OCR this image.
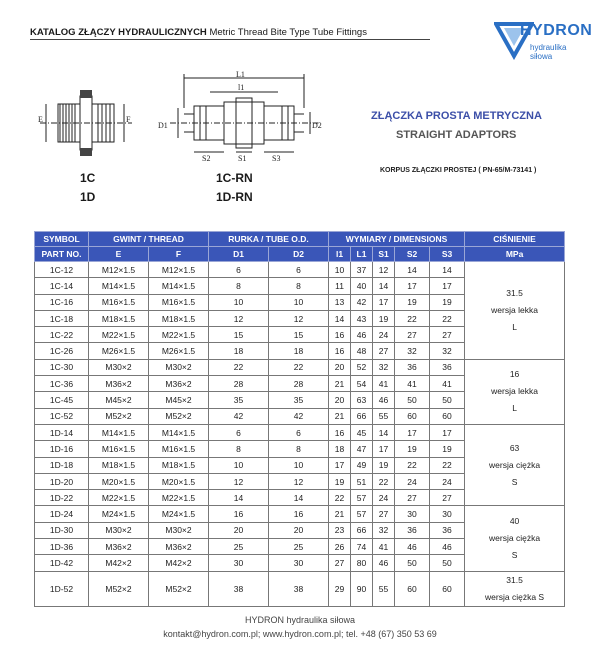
KATALOG ZŁĄCZY HYDRAULICZNYCH Metric Thread Bite Type Tube Fittings	HYDRON
hydraulika siłowa
E	F
L1
l1
D1	D2
S2	S1	S3
1C
1D
1C-RN
1D-RN
ZŁĄCZKA PROSTA METRYCZNA
STRAIGHT ADAPTORS
KORPUS ZŁĄCZKI PROSTEJ ( PN-65/M-73141 )
SYMBOL	GWINT / THREAD		RURKA / TUBE O.D.		WYMIARY / DIMENSIONS					CIŚNIENIE
PART NO.	E	F	D1	D2	l1	L1	S1	S2	S3	MPa
1C-12	M12×1.5	M12×1.5	6	6	10	37	12	14	14	31.5
wersja lekka
L

1C-14	M14×1.5	M14×1.5	8	8	11	40	14	17	17	
1C-16	M16×1.5	M16×1.5	10	10	13	42	17	19	19	
1C-18	M18×1.5	M18×1.5	12	12	14	43	19	22	22	
1C-22	M22×1.5	M22×1.5	15	15	16	46	24	27	27	
1C-26	M26×1.5	M26×1.5	18	18	16	48	27	32	32	
1C-30	M30×2	M30×2	22	22	20	52	32	36	36	16
wersja lekka
L

1C-36	M36×2	M36×2	28	28	21	54	41	41	41	
1C-45	M45×2	M45×2	35	35	20	63	46	50	50	
1C-52	M52×2	M52×2	42	42	21	66	55	60	60	
1D-14	M14×1.5	M14×1.5	6	6	16	45	14	17	17	63
wersja ciężka
S

1D-16	M16×1.5	M16×1.5	8	8	18	47	17	19	19	
1D-18	M18×1.5	M18×1.5	10	10	17	49	19	22	22	
1D-20	M20×1.5	M20×1.5	12	12	19	51	22	24	24	
1D-22	M22×1.5	M22×1.5	14	14	22	57	24	27	27	
1D-24	M24×1.5	M24×1.5	16	16	21	57	27	30	30	40
wersja ciężka
S

1D-30	M30×2	M30×2	20	20	23	66	32	36	36	
1D-36	M36×2	M36×2	25	25	26	74	41	46	46	
1D-42	M42×2	M42×2	30	30	27	80	46	50	50	
1D-52	M52×2	M52×2	38	38	29	90	55	60	60	31.5
wersja ciężka S
HYDRON hydraulika siłowa
kontakt@hydron.com.pl; www.hydron.com.pl; tel. +48 (67) 350 53 69
